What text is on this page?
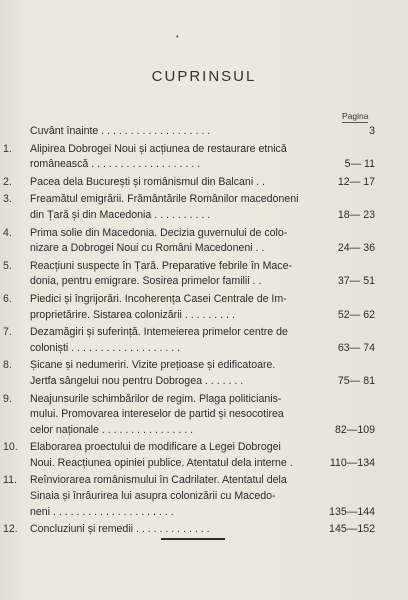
•
CUPRINSUL
Pagina
Cuvânt înainte . . . . . . . . . . . . . . . . . . .	3
1.	Alipirea Dobrogei Noui și acțiunea de restaurare etnică
românească . . . . . . . . . . . . . . . . . . .	5— 11
2.	Pacea dela București și românismul din Balcani . .	12— 17
3.	Freamătul emigrării. Frământările Românilor macedoneni
din Țară și din Macedonia . . . . . . . . . .	18— 23
4.	Prima solie din Macedonia. Decizia guvernului de colo-
nizare a Dobrogei Noui cu Români Macedoneni . .	24— 36
5.	Reacțiuni suspecte în Țară. Preparative febrile în Mace-
donia, pentru emigrare. Sosirea primelor familii . .	37— 51
6.	Piedici și îngrijorări. Incoherența Casei Centrale de Im-
proprietărire. Sistarea colonizării . . . . . . . . .	52— 62
7.	Dezamăgiri și suferință. Intemeierea primelor centre de
coloniști . . . . . . . . . . . . . . . . . . .	63— 74
8.	Șicane și nedumeriri. Vizite prețioase și edificatoare.
Jertfa sângelui nou pentru Dobrogea . . . . . . .	75— 81
9.	Neajunsurile schimbărilor de regim. Plaga politicianis-
mului. Promovarea intereselor de partid și nesocotirea
celor naționale . . . . . . . . . . . . . . . .	82—109
10.	Elaborarea proectului de modificare a Legei Dobrogei
Noui. Reacțiunea opiniei publice. Atentatul dela interne .	110—134
11.	Reînviorarea românismului în Cadrilater. Atentatul dela
Sinaia și înrâurirea lui asupra colonizării cu Macedo-
neni . . . . . . . . . . . . . . . . . . . . .	135—144
12.	Concluziuni și remedii . . . . . . . . . . . . .	145—152
